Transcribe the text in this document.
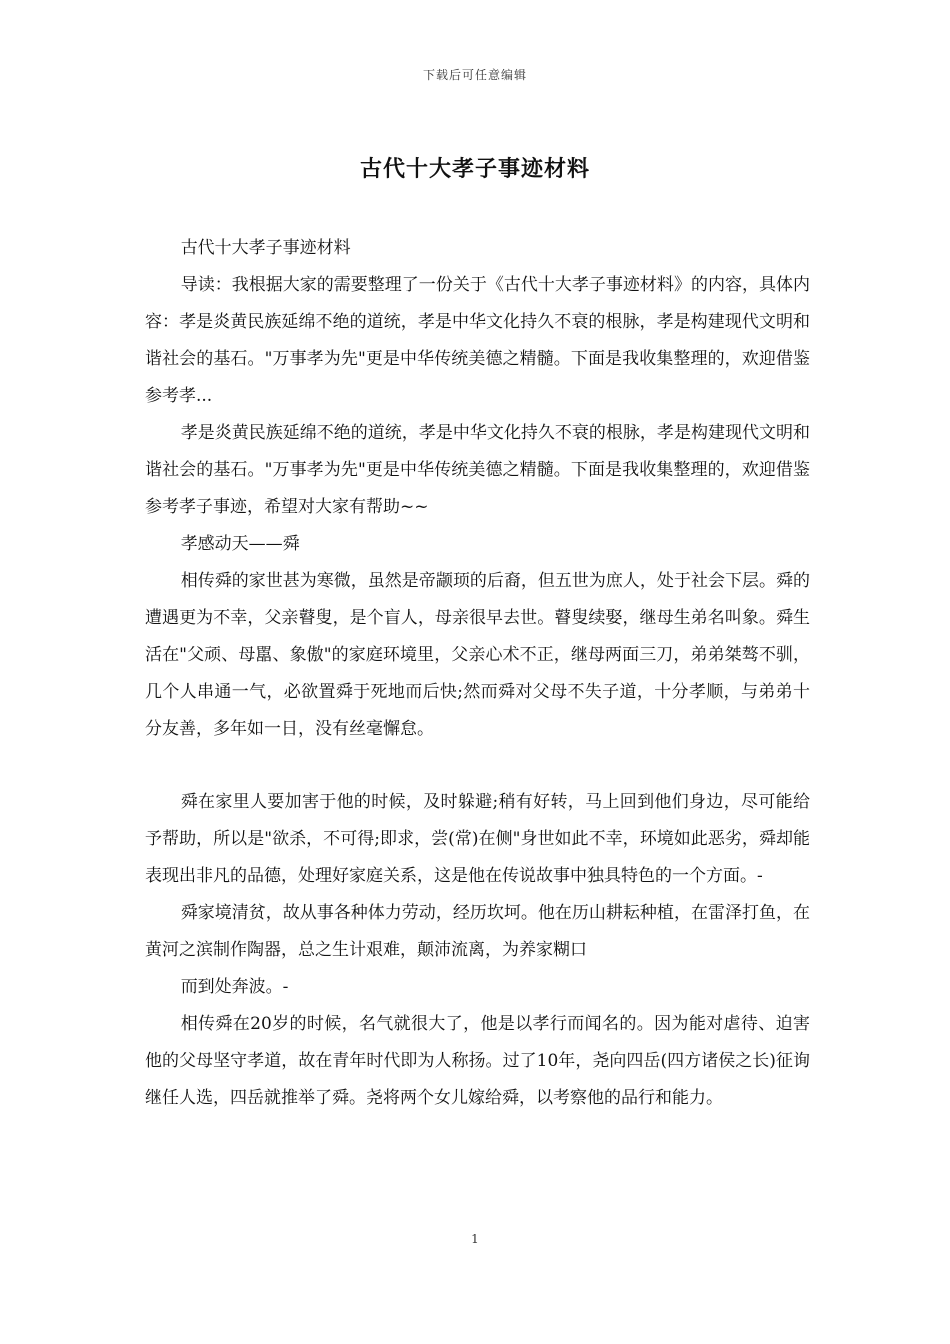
下载后可任意编辑
古代十大孝子事迹材料

古代十大孝子事迹材料

导读：我根据大家的需要整理了一份关于《古代十大孝子事迹材料》的内容，具体内容：孝是炎黄民族延绵不绝的道统，孝是中华文化持久不衰的根脉，孝是构建现代文明和谐社会的基石。"万事孝为先"更是中华传统美德之精髓。下面是我收集整理的，欢迎借鉴参考孝...

孝是炎黄民族延绵不绝的道统，孝是中华文化持久不衰的根脉，孝是构建现代文明和谐社会的基石。"万事孝为先"更是中华传统美德之精髓。下面是我收集整理的，欢迎借鉴参考孝子事迹，希望对大家有帮助~~

孝感动天——舜

相传舜的家世甚为寒微，虽然是帝颛顼的后裔，但五世为庶人，处于社会下层。舜的遭遇更为不幸，父亲瞽叟，是个盲人，母亲很早去世。瞽叟续娶，继母生弟名叫象。舜生活在"父顽、母嚚、象傲"的家庭环境里，父亲心术不正，继母两面三刀，弟弟桀骜不驯，几个人串通一气，必欲置舜于死地而后快;然而舜对父母不失子道，十分孝顺，与弟弟十分友善，多年如一日，没有丝毫懈怠。

舜在家里人要加害于他的时候，及时躲避;稍有好转，马上回到他们身边，尽可能给予帮助，所以是"欲杀，不可得;即求，尝(常)在侧"身世如此不幸，环境如此恶劣，舜却能表现出非凡的品德，处理好家庭关系，这是他在传说故事中独具特色的一个方面。-

舜家境清贫，故从事各种体力劳动，经历坎坷。他在历山耕耘种植，在雷泽打鱼，在黄河之滨制作陶器，总之生计艰难，颠沛流离，为养家糊口

而到处奔波。-

相传舜在20岁的时候，名气就很大了，他是以孝行而闻名的。因为能对虐待、迫害他的父母坚守孝道，故在青年时代即为人称扬。过了10年，尧向四岳(四方诸侯之长)征询继任人选，四岳就推举了舜。尧将两个女儿嫁给舜，以考察他的品行和能力。

1
